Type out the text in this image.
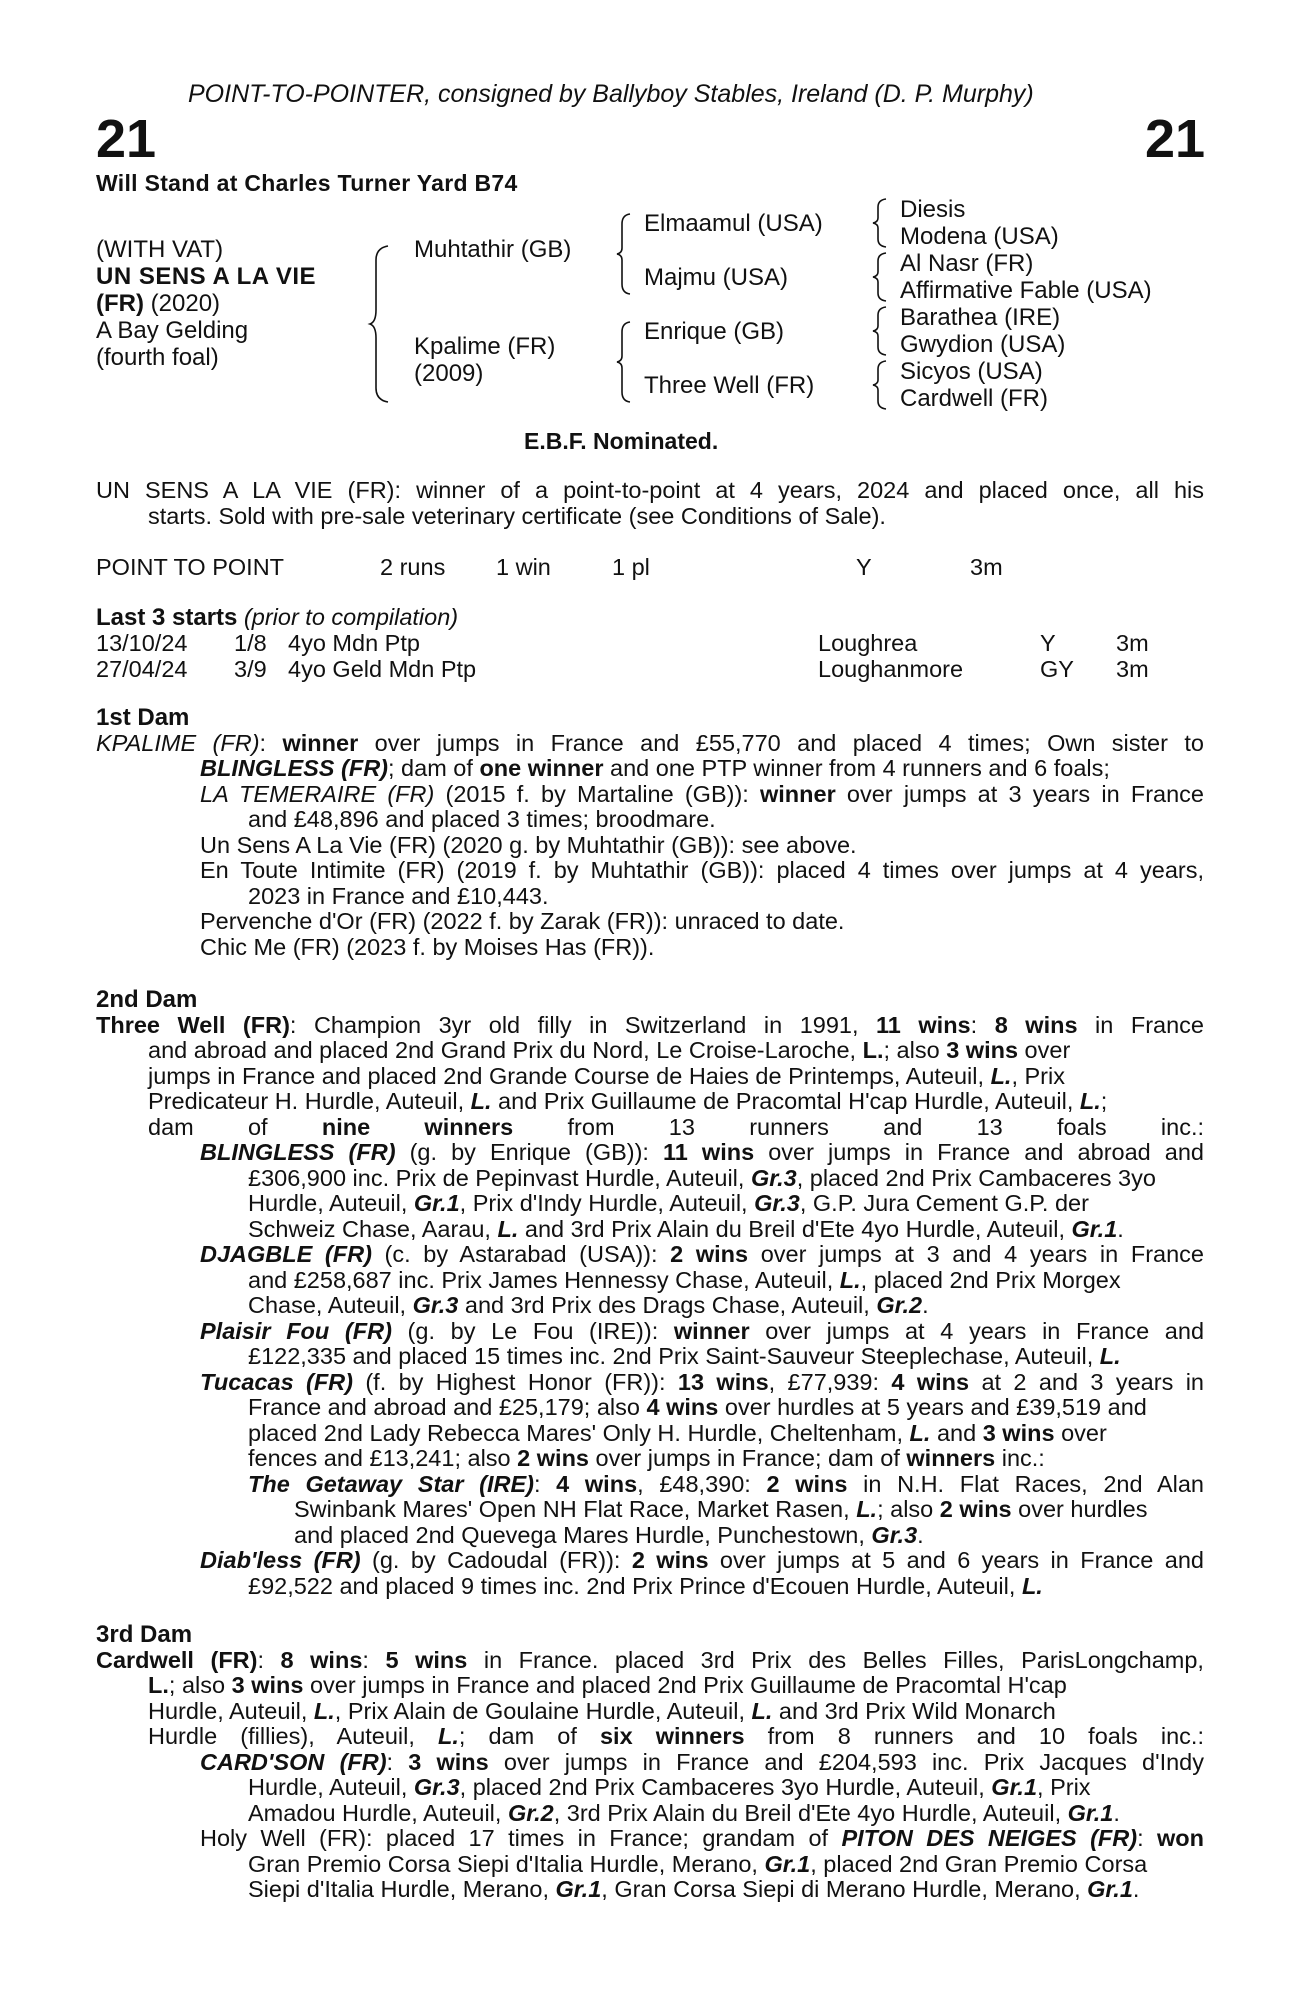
POINT-TO-POINTER, consigned by Ballyboy Stables, Ireland (D. P. Murphy)
21	21
Will Stand at Charles Turner Yard B74
(WITH VAT)
UN SENS A LA VIE
(FR) (2020)
A Bay Gelding
(fourth foal)
Muhtathir (GB)
Kpalime (FR)
(2009)
Elmaamul (USA)
Majmu (USA)
Enrique (GB)
Three Well (FR)
Diesis
Modena (USA)
Al Nasr (FR)
Affirmative Fable (USA)
Barathea (IRE)
Gwydion (USA)
Sicyos (USA)
Cardwell (FR)
E.B.F. Nominated.
UN SENS A LA VIE (FR): winner of a point-to-point at 4 years, 2024 and placed once, all his
starts. Sold with pre-sale veterinary certificate (see Conditions of Sale).
POINT TO POINT	2 runs 1 win	1 pl	Y	3m
Last 3 starts (prior to compilation)
13/10/24 1/8 4yo Mdn Ptp	Loughrea	Y	3m
27/04/24 3/9 4yo Geld Mdn Ptp	Loughanmore	GY 3m
1st Dam
KPALIME (FR): winner over jumps in France and £55,770 and placed 4 times; Own sister to
BLINGLESS (FR); dam of one winner and one PTP winner from 4 runners and 6 foals;
LA TEMERAIRE (FR) (2015 f. by Martaline (GB)): winner over jumps at 3 years in France
and £48,896 and placed 3 times; broodmare.
Un Sens A La Vie (FR) (2020 g. by Muhtathir (GB)): see above.
En Toute Intimite (FR) (2019 f. by Muhtathir (GB)): placed 4 times over jumps at 4 years,
2023 in France and £10,443.
Pervenche d'Or (FR) (2022 f. by Zarak (FR)): unraced to date.
Chic Me (FR) (2023 f. by Moises Has (FR)).
2nd Dam
Three Well (FR): Champion 3yr old filly in Switzerland in 1991, 11 wins: 8 wins in France
and abroad and placed 2nd Grand Prix du Nord, Le Croise-Laroche, L.; also 3 wins over
jumps in France and placed 2nd Grande Course de Haies de Printemps, Auteuil, L., Prix
Predicateur H. Hurdle, Auteuil, L. and Prix Guillaume de Pracomtal H'cap Hurdle, Auteuil, L.;
dam of nine winners from 13 runners and 13 foals inc.:
BLINGLESS (FR) (g. by Enrique (GB)): 11 wins over jumps in France and abroad and
£306,900 inc. Prix de Pepinvast Hurdle, Auteuil, Gr.3, placed 2nd Prix Cambaceres 3yo
Hurdle, Auteuil, Gr.1, Prix d'Indy Hurdle, Auteuil, Gr.3, G.P. Jura Cement G.P. der
Schweiz Chase, Aarau, L. and 3rd Prix Alain du Breil d'Ete 4yo Hurdle, Auteuil, Gr.1.
DJAGBLE (FR) (c. by Astarabad (USA)): 2 wins over jumps at 3 and 4 years in France
and £258,687 inc. Prix James Hennessy Chase, Auteuil, L., placed 2nd Prix Morgex
Chase, Auteuil, Gr.3 and 3rd Prix des Drags Chase, Auteuil, Gr.2.
Plaisir Fou (FR) (g. by Le Fou (IRE)): winner over jumps at 4 years in France and
£122,335 and placed 15 times inc. 2nd Prix Saint-Sauveur Steeplechase, Auteuil, L.
Tucacas (FR) (f. by Highest Honor (FR)): 13 wins, £77,939: 4 wins at 2 and 3 years in
France and abroad and £25,179; also 4 wins over hurdles at 5 years and £39,519 and
placed 2nd Lady Rebecca Mares' Only H. Hurdle, Cheltenham, L. and 3 wins over
fences and £13,241; also 2 wins over jumps in France; dam of winners inc.:
The Getaway Star (IRE): 4 wins, £48,390: 2 wins in N.H. Flat Races, 2nd Alan
Swinbank Mares' Open NH Flat Race, Market Rasen, L.; also 2 wins over hurdles
and placed 2nd Quevega Mares Hurdle, Punchestown, Gr.3.
Diab'less (FR) (g. by Cadoudal (FR)): 2 wins over jumps at 5 and 6 years in France and
£92,522 and placed 9 times inc. 2nd Prix Prince d'Ecouen Hurdle, Auteuil, L.
3rd Dam
Cardwell (FR): 8 wins: 5 wins in France. placed 3rd Prix des Belles Filles, ParisLongchamp,
L.; also 3 wins over jumps in France and placed 2nd Prix Guillaume de Pracomtal H'cap
Hurdle, Auteuil, L., Prix Alain de Goulaine Hurdle, Auteuil, L. and 3rd Prix Wild Monarch
Hurdle (fillies), Auteuil, L.; dam of six winners from 8 runners and 10 foals inc.:
CARD'SON (FR): 3 wins over jumps in France and £204,593 inc. Prix Jacques d'Indy
Hurdle, Auteuil, Gr.3, placed 2nd Prix Cambaceres 3yo Hurdle, Auteuil, Gr.1, Prix
Amadou Hurdle, Auteuil, Gr.2, 3rd Prix Alain du Breil d'Ete 4yo Hurdle, Auteuil, Gr.1.
Holy Well (FR): placed 17 times in France; grandam of PITON DES NEIGES (FR): won
Gran Premio Corsa Siepi d'Italia Hurdle, Merano, Gr.1, placed 2nd Gran Premio Corsa
Siepi d'Italia Hurdle, Merano, Gr.1, Gran Corsa Siepi di Merano Hurdle, Merano, Gr.1.
